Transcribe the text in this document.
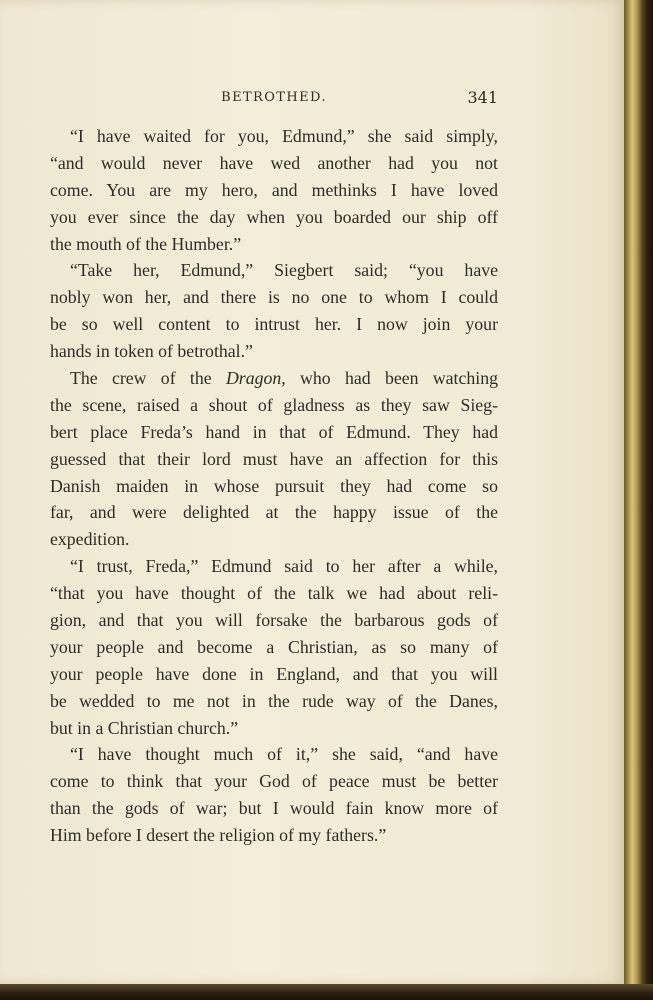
BETROTHED.	341
“I have waited for you, Edmund,” she said simply,
“and would never have wed another had you not
come. You are my hero, and methinks I have loved
you ever since the day when you boarded our ship off
the mouth of the Humber.”
“Take her, Edmund,” Siegbert said; “you have
nobly won her, and there is no one to whom I could
be so well content to intrust her. I now join your
hands in token of betrothal.”
The crew of the Dragon, who had been watching
the scene, raised a shout of gladness as they saw Sieg-
bert place Freda’s hand in that of Edmund. They had
guessed that their lord must have an affection for this
Danish maiden in whose pursuit they had come so
far, and were delighted at the happy issue of the
expedition.
“I trust, Freda,” Edmund said to her after a while,
“that you have thought of the talk we had about reli-
gion, and that you will forsake the barbarous gods of
your people and become a Christian, as so many of
your people have done in England, and that you will
be wedded to me not in the rude way of the Danes,
but in a Christian church.”
“I have thought much of it,” she said, “and have
come to think that your God of peace must be better
than the gods of war; but I would fain know more of
Him before I desert the religion of my fathers.”
